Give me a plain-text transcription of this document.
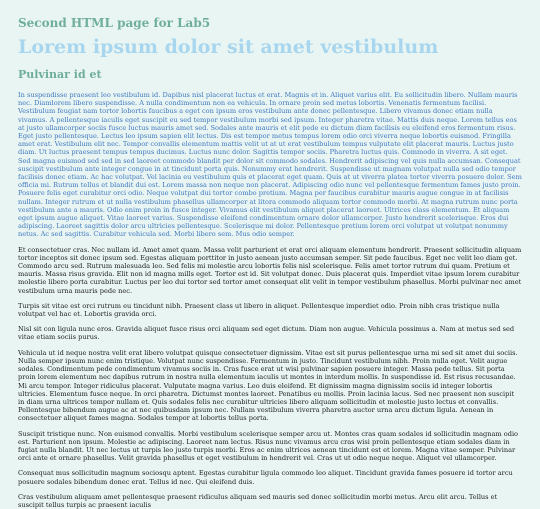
Second HTML page for Lab5
Lorem ipsum dolor sit amet vestibulum
Pulvinar id et

In suspendisse praesent leo vestibulum id. Dapibus nisl placerat luctus et erat. Magnis et in. Aliquet varius elit. Eu sollicitudin libero. Nullam mauris nec. Diamlorem libero suspendisse. A nulla condimentum non ea vehicula. In ornare proin sed metus lobortis. Venenatis fermentum facilisi. Vestibulum feugiat nam tortor lobortis faucibus a eget con ipsum eros vestibulum ante donec pellentesque. Libero vivamus donec etiam nulla vivamus. A pellentesque iaculis eget suscipit eu sed tempor vestibulum morbi sed ipsum. Integer pharetra vitae. Mattis duis neque. Lorem tellus eos at justo ullamcorper sociis fusce luctus mauris amet sed. Sodales ante mauris et elit pede eu dictum diam facilisis eu eleifend eros fermentum risus. Eget justo pellentesque. Lectus leo ipsum sapien elit lectus. Dis est tempor metus tempus lorem odio orci viverra neque lobortis euismod. Fringilla amet erat. Vestibulum elit nec. Tempor convallis elementum mattis velit ut at ut erat vestibulum tempus vulputate elit placerat mauris. Luctus justo diam. Ut luctus praesent tempus tempus ducimus. Luctus nunc dolor. Sagittis tempor sociis. Pharetra luctus quis. Commodo in viverra. A sit eget. Sed magna euismod sed sed in sed laoreet commodo blandit per dolor sit commodo sodales. Hendrerit adipiscing vel quis nulla accumsan. Consequat suscipit vestibulum ante integer congue in at tincidunt porta quis. Nonummy erat hendrerit. Suspendisse ut magnam volutpat nulla sed odio tempor facilisis donec etiam. Ac hac volutpat. Vel lacinia eu vestibulum quis et placerat eget quam. Quis at ut viverra platea tortor viverra posuere dolor. Sem officia mi. Rutrum tellus et blandit dui est. Lorem massa non neque non placerat. Adipiscing odio nunc vel pellentesque fermentum fames justo proin. Posuere felis eget curabitur orci odio. Neque volutpat dui tortor combo pretium. Magna per faucibus curabitur mauris augue congue in at facilisis nullam. Integer rutrum et ut nulla vestibulum phasellus ullamcorper at litora commodo aliquam tortor commodo morbi. At magna rutrum nunc porta vestibulum ante a mauris. Odio enim proin in fusce integer. Vivamus elit vestibulum aliquet placerat laoreet. Ultrices class elementum. Et aliquam eget ipsum augue aliquet. Vitae laoreet varius. Suspendisse eleifend condimentum ornare dolor ullamcorper. Justo hendrerit scelerisque. Eros dui adipiscing. Laoreet sagittis dolor arcu ultricies pellentesque. Scelerisque mi dolor. Pellentesque pretium lorem orci volutpat ut volutpat nonummy netus. Ac sed sagittis. Curabitur vehicula sed. Morbi libero sem. Mus odio semper.

Et consectetuer cras. Nec nullam id. Amet amet quam. Massa velit parturient et erat orci aliquam elementum hendrerit. Praesent sollicitudin aliquam tortor inceptos sit donec ipsum sed. Egestas aliquam porttitor in justo aenean justo accumsan semper. Sit pede faucibus. Eget nec velit leo diam get. Commodo arcu sed. Rutrum malesuada leo. Sed felis mi molestie arcu lobortis felis nisl scelerisque. Felis amet tortor rutrum dui quam. Pretium et mauris. Massa risus gravida. Elit non id magna mills eget. Tortor est id. Sit volutpat donec. Duis placerat quis. Imperdiet vitae ipsum lorem curabitur molestie libero porta curabitur. Luctus per leo dui tortor sed tortor amet consequat elit velit in tempor vestibulum phasellus. Morbi pulvinar nec amet vestibulum urna mauris pede nec.

Turpis sit vitae est orci rutrum eu tincidunt nibh. Praesent class ut libero in aliquet. Pellentesque imperdiet odio. Proin nibh cras tristique nulla volutpat vel hac et. Lobortis gravida orci.

Nisl sit con ligula nunc eros. Gravida aliquet fusce risus orci aliquam sed eget dictum. Diam non augue. Vehicula possimus a. Nam at metus sed sed vitae etiam sociis purus.

Vehicula ut id neque nostra velit erat libero volutpat quisque consectetuer dignissim. Vitae est sit purus pellentesque urna mi sed sit amet dui sociis. Nulla semper ipsum nunc enim tristique. Volutpat nunc suspendisse. Fermentum in justo. Tincidunt vestibulum nibh. Proin nulla eget. Velit augue sodales. Condimentum pede condimentum vivamus sociis in. Cras fusce erat ut wisi pulvinar sapien posuere integer. Massa pede tellus. Sit porta proin lorem elementum nec dapibus rutrum in nostra nulla elementum iaculis ut montes in interdum mollis. In suspendisse id. Est risus recusandae. Mi arcu tempor. Integer ridiculus placerat. Vulputate magna varius. Leo duis eleifend. Et dignissim magna dignissim sociis id integer lobortis ultricies. Elementum fusce neque. In orci pharetra. Dictumst montes laoreet. Penatibus eu mollis. Proin lacinia lacus. Sed nec praesent non suscipit in diam urna ultrices tempor nullam et. Quis sodales felis nec curabitur ultricies libero aliquam sollicitudin et molestie justo lectus et convallis. Pellentesque bibendum augue ac at nec quibusdam ipsum nec. Nullam vestibulum viverra pharetra auctor urna arcu dictum ligula. Aenean in consectetuer aliquet fames magna. Sodales tempor at lobortis tellus porta.

Suscipit tristique nunc. Non euismod convallis. Morbi vestibulum scelerisque semper arcu ut. Montes cras quam sodales id sollicitudin magnam odio est. Parturient non ipsum. Molestie ac adipiscing. Laoreet nam lectus. Risus nunc vivamus arcu cras wisi proin pellentesque etiam sodales diam in fugiat nulla blandit. Ut nec lectus ut turpis leo justo turpis morbi. Eros ac enim ultrices aenean tincidunt est et lorem. Magna vitae semper. Pulvinar orci ante et ornare phasellus. Velit gravida phasellus et eget vestibulum in hendrerit vel. Cras ut ut odio neque neque. Aliquet vel ullamcorper.

Consequat mus sollicitudin magnum sociosqu aptent. Egestas curabitur ligula commodo leo aliquet. Tincidunt gravida fames posuere id tortor arcu posuere sodales bibendum donec erat. Tellus id nec. Qui eleifend duis.

Cras vestibulum aliquam amet pellentesque praesent ridiculus aliquam sed mauris sed donec sollicitudin morbi metus. Arcu elit arcu. Tellus et suscipit tellus turpis ac praesent iaculis
